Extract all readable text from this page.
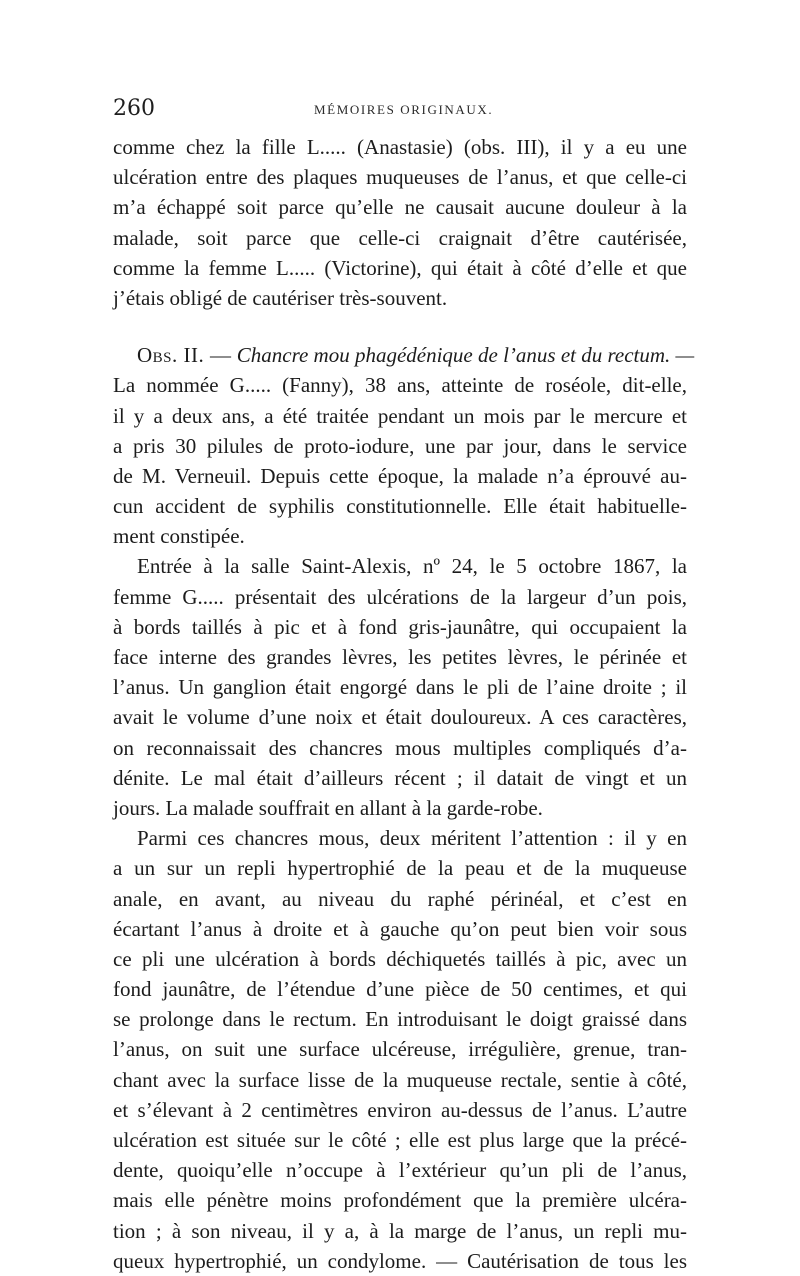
260	MÉMOIRES ORIGINAUX.
comme chez la fille L..... (Anastasie) (obs. III), il y a eu une
ulcération entre des plaques muqueuses de l’anus, et que celle-ci
m’a échappé soit parce qu’elle ne causait aucune douleur à la
malade, soit parce que celle-ci craignait d’être cautérisée,
comme la femme L..... (Victorine), qui était à côté d’elle et que
j’étais obligé de cautériser très-souvent.
Obs. II. — Chancre mou phagédénique de l’anus et du rectum. —
La nommée G..... (Fanny), 38 ans, atteinte de roséole, dit-elle,
il y a deux ans, a été traitée pendant un mois par le mercure et
a pris 30 pilules de proto-iodure, une par jour, dans le service
de M. Verneuil. Depuis cette époque, la malade n’a éprouvé au-
cun accident de syphilis constitutionnelle. Elle était habituelle-
ment constipée.
Entrée à la salle Saint-Alexis, nº 24, le 5 octobre 1867, la
femme G..... présentait des ulcérations de la largeur d’un pois,
à bords taillés à pic et à fond gris-jaunâtre, qui occupaient la
face interne des grandes lèvres, les petites lèvres, le périnée et
l’anus. Un ganglion était engorgé dans le pli de l’aine droite ; il
avait le volume d’une noix et était douloureux. A ces caractères,
on reconnaissait des chancres mous multiples compliqués d’a-
dénite. Le mal était d’ailleurs récent ; il datait de vingt et un
jours. La malade souffrait en allant à la garde-robe.
Parmi ces chancres mous, deux méritent l’attention : il y en
a un sur un repli hypertrophié de la peau et de la muqueuse
anale, en avant, au niveau du raphé périnéal, et c’est en
écartant l’anus à droite et à gauche qu’on peut bien voir sous
ce pli une ulcération à bords déchiquetés taillés à pic, avec un
fond jaunâtre, de l’étendue d’une pièce de 50 centimes, et qui
se prolonge dans le rectum. En introduisant le doigt graissé dans
l’anus, on suit une surface ulcéreuse, irrégulière, grenue, tran-
chant avec la surface lisse de la muqueuse rectale, sentie à côté,
et s’élevant à 2 centimètres environ au-dessus de l’anus. L’autre
ulcération est située sur le côté ; elle est plus large que la précé-
dente, quoiqu’elle n’occupe à l’extérieur qu’un pli de l’anus,
mais elle pénètre moins profondément que la première ulcéra-
tion ; à son niveau, il y a, à la marge de l’anus, un repli mu-
queux hypertrophié, un condylome. — Cautérisation de tous les
